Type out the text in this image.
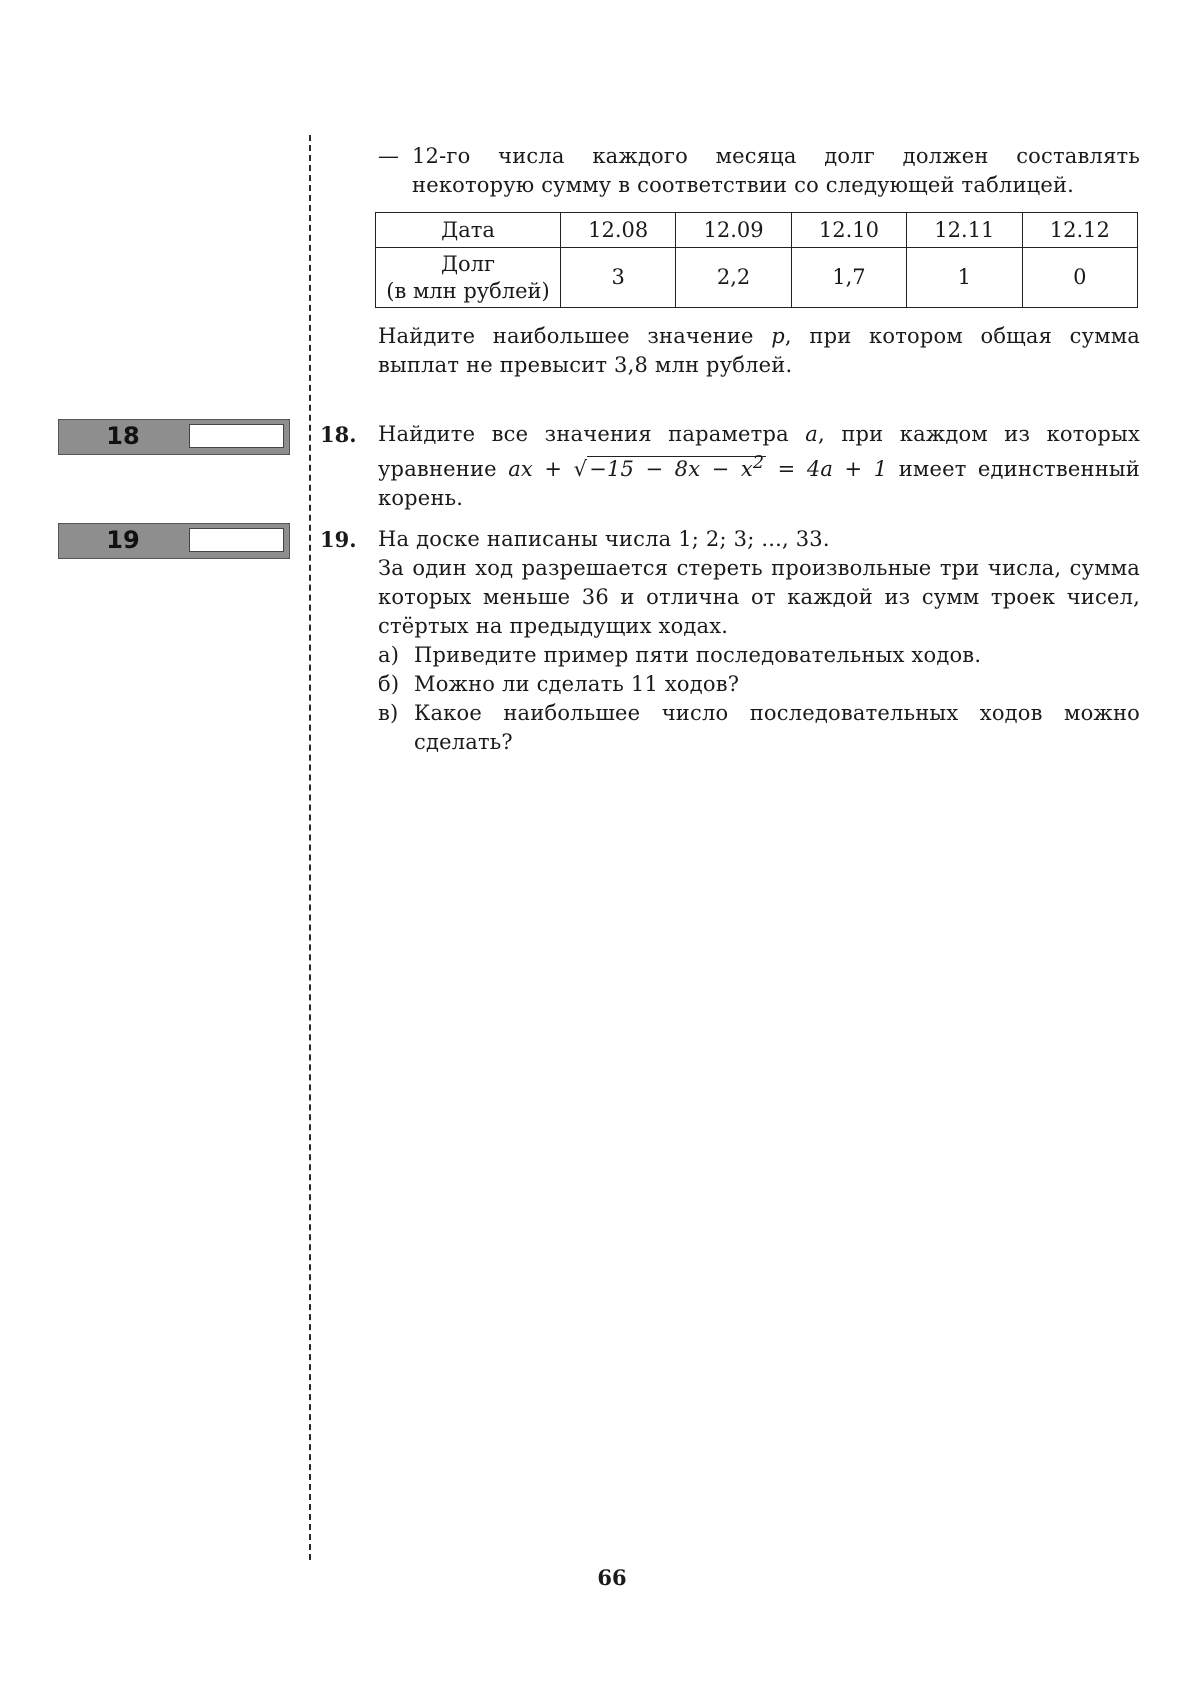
— 12-го числа каждого месяца долг должен составлять некоторую сумму в соответствии со следующей таблицей.
Дата	12.08	12.09	12.10	12.11	12.12

Долг
(в млн рублей)	3	2,2	1,7	1	0
Найдите наибольшее значение p, при котором общая сумма выплат не превысит 3,8 млн рублей.
18	18. Найдите все значения параметра a, при каждом из которых уравнение ax + $√-15 - 8x - x^2 = 4a + 1$ имеет единственный корень.
19	19. На доске написаны числа 1; 2; 3; ..., 33.
За один ход разрешается стереть произвольные три числа, сумма которых меньше 36 и отлична от каждой из сумм троек чисел, стёртых на предыдущих ходах.
а) Приведите пример пяти последовательных ходов.
б) Можно ли сделать 11 ходов?
в) Какое наибольшее число последовательных ходов можно сделать?
66
